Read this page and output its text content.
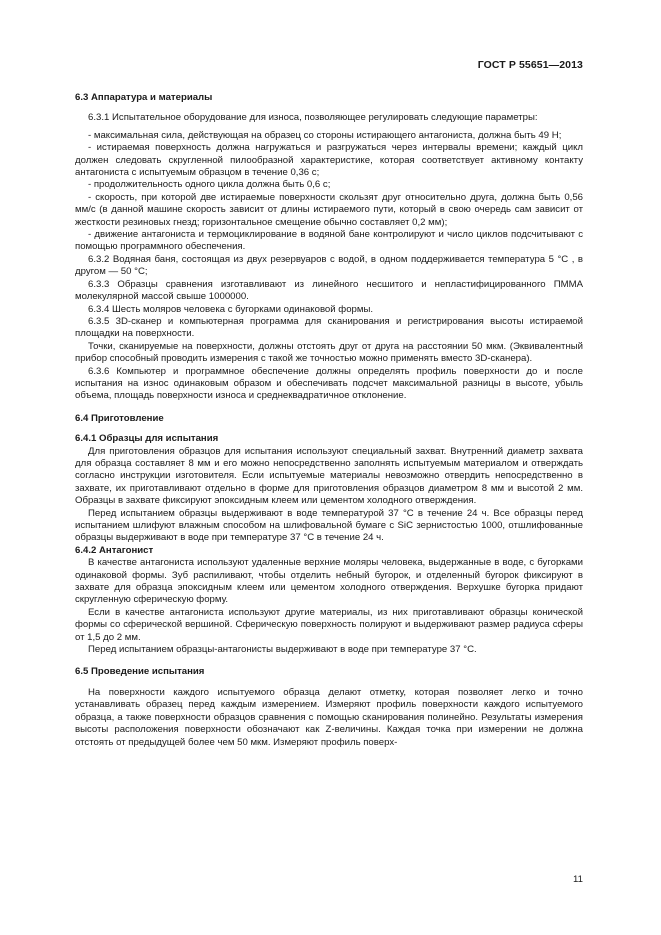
ГОСТ Р 55651—2013

6.3 Аппаратура и материалы

6.3.1 Испытательное оборудование для износа, позволяющее регулировать следующие параметры:

- максимальная сила, действующая на образец со стороны истирающего антагониста, должна быть 49 Н;

- истираемая поверхность должна нагружаться и разгружаться через интервалы времени; каждый цикл должен следовать скругленной пилообразной характеристике, которая соответствует активному контакту антагониста с испытуемым образцом в течение 0,36 с;

- продолжительность одного цикла должна быть 0,6 с;

- скорость, при которой две истираемые поверхности скользят друг относительно друга, должна быть 0,56 мм/с (в данной машине скорость зависит от длины истираемого пути, который в свою очередь сам зависит от жесткости резиновых гнезд; горизонтальное смещение обычно составляет 0,2 мм);

- движение антагониста и термоциклирование в водяной бане контролируют и число циклов подсчитывают с помощью программного обеспечения.

6.3.2 Водяная баня, состоящая из двух резервуаров с водой, в одном поддерживается температура 5 °С , в другом — 50 °С;

6.3.3 Образцы сравнения изготавливают из линейного несшитого и непластифицированного ПММА молекулярной массой свыше 1000000.

6.3.4 Шесть моляров человека с бугорками одинаковой формы.

6.3.5 3D-сканер и компьютерная программа для сканирования и регистрирования высоты истираемой площадки на поверхности.

Точки, сканируемые на поверхности, должны отстоять друг от друга на расстоянии 50 мкм. (Эквивалентный прибор способный проводить измерения с такой же точностью можно применять вместо 3D-сканера).

6.3.6 Компьютер и программное обеспечение должны определять профиль поверхности до и после испытания на износ одинаковым образом и обеспечивать подсчет максимальной разницы в высоте, убыль объема, площадь поверхности износа и среднеквадратичное отклонение.

6.4 Приготовление

6.4.1 Образцы для испытания

Для приготовления образцов для испытания используют специальный захват. Внутренний диаметр захвата для образца составляет 8 мм и его можно непосредственно заполнять испытуемым материалом и отверждать согласно инструкции изготовителя. Если испытуемые материалы невозможно отвердить непосредственно в захвате, их приготавливают отдельно в форме для приготовления образцов диаметром 8 мм и высотой 2 мм. Образцы в захвате фиксируют эпоксидным клеем или цементом холодного отверждения.

Перед испытанием образцы выдерживают в воде температурой 37 °С в течение 24 ч. Все образцы перед испытанием шлифуют влажным способом на шлифовальной бумаге с SiC зернистостью 1000, отшлифованные образцы выдерживают в воде при температуре 37 °С в течение 24 ч.

6.4.2 Антагонист

В качестве антагониста используют удаленные верхние моляры человека, выдержанные в воде, с бугорками одинаковой формы. Зуб распиливают, чтобы отделить небный бугорок, и отделенный бугорок фиксируют в захвате для образца эпоксидным клеем или цементом холодного отверждения. Верхушке бугорка придают скругленную сферическую форму.

Если в качестве антагониста используют другие материалы, из них приготавливают образцы конической формы со сферической вершиной. Сферическую поверхность полируют и выдерживают размер радиуса сферы от 1,5 до 2 мм.

Перед испытанием образцы-антагонисты выдерживают в воде при температуре 37 °С.

6.5 Проведение испытания

На поверхности каждого испытуемого образца делают отметку, которая позволяет легко и точно устанавливать образец перед каждым измерением. Измеряют профиль поверхности каждого испытуемого образца, а также поверхности образцов сравнения с помощью сканирования полинейно. Результаты измерения высоты расположения поверхности обозначают как Z-величины. Каждая точка при измерении не должна отстоять от предыдущей более чем 50 мкм. Измеряют профиль поверх-

11
